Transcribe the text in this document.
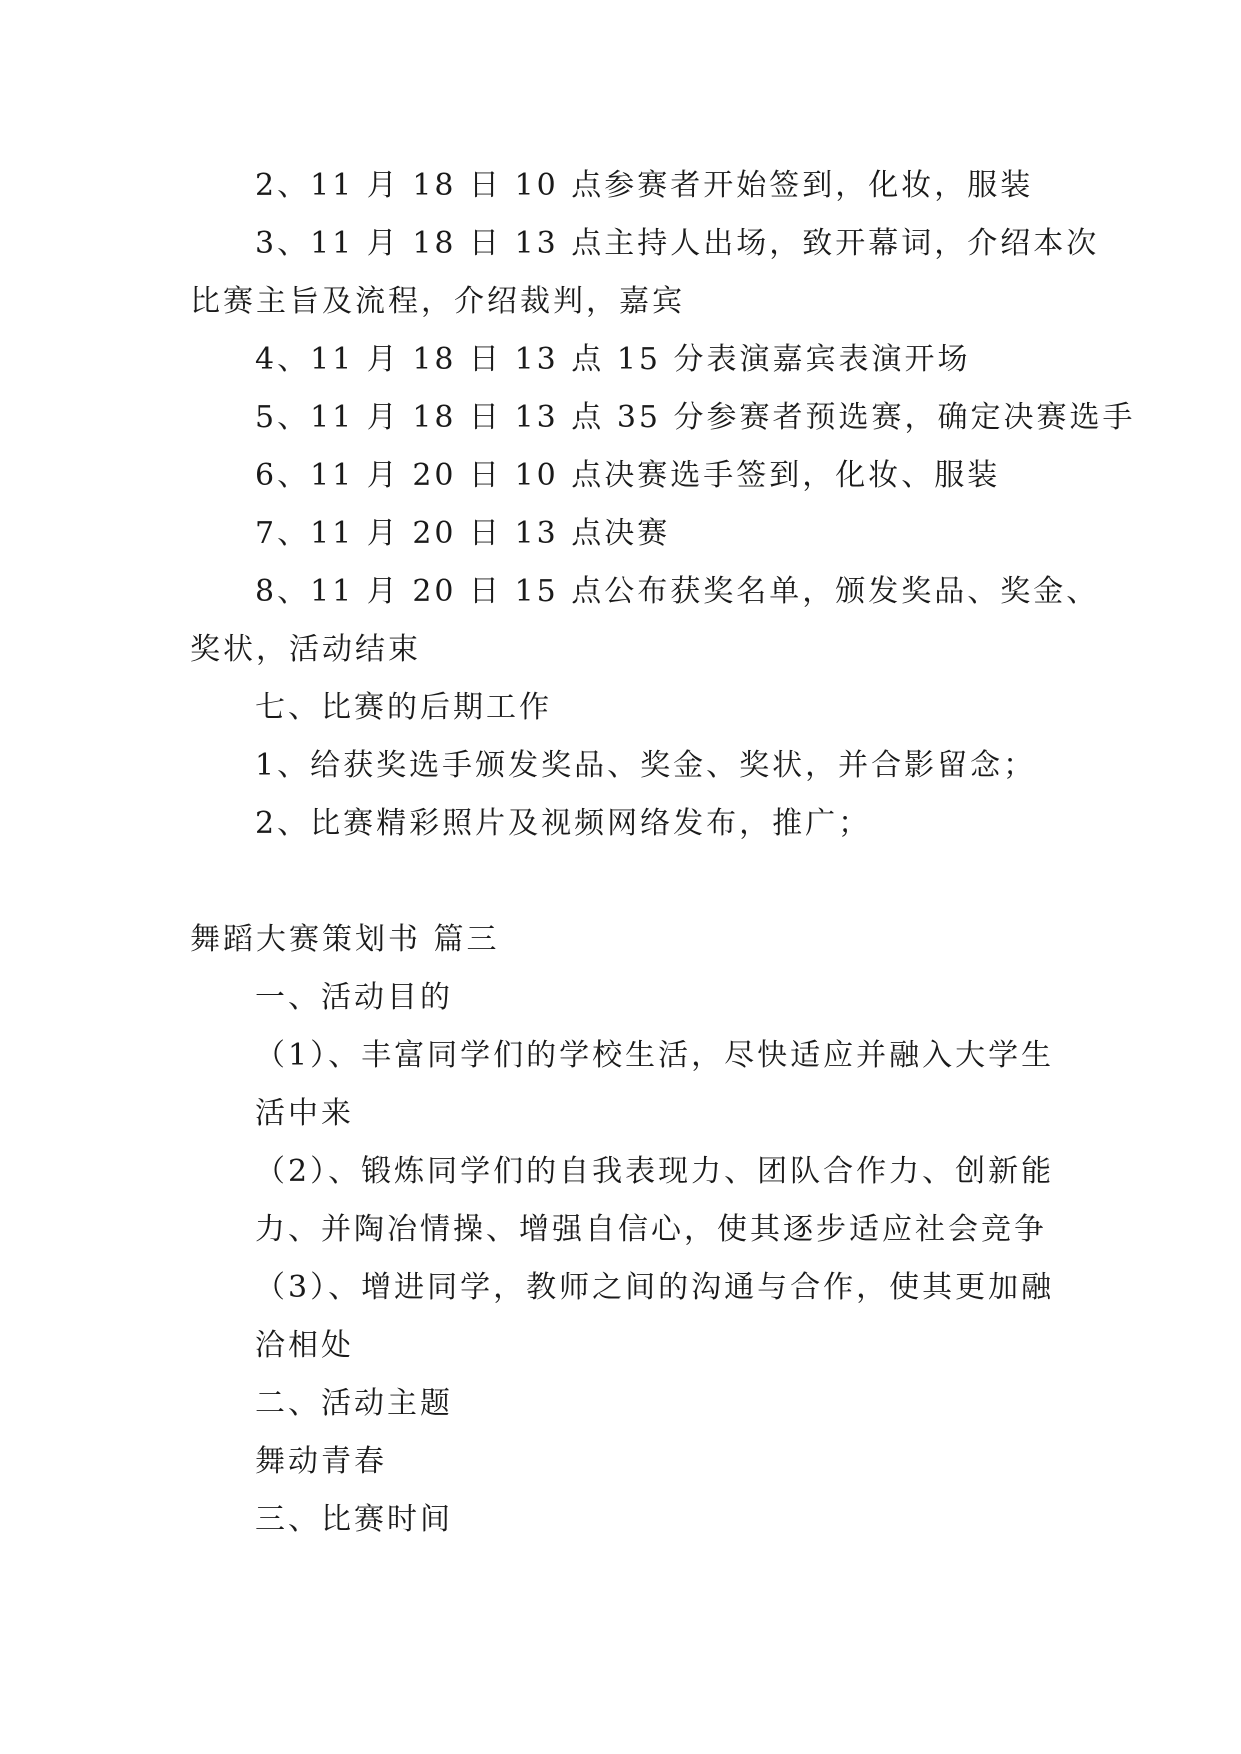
2、11 月 18 日 10 点参赛者开始签到，化妆，服装
3、11 月 18 日 13 点主持人出场，致开幕词，介绍本次
比赛主旨及流程，介绍裁判，嘉宾
4、11 月 18 日 13 点 15 分表演嘉宾表演开场
5、11 月 18 日 13 点 35 分参赛者预选赛，确定决赛选手
6、11 月 20 日 10 点决赛选手签到，化妆、服装
7、11 月 20 日 13 点决赛
8、11 月 20 日 15 点公布获奖名单，颁发奖品、奖金、
奖状，活动结束
七、比赛的后期工作
1、给获奖选手颁发奖品、奖金、奖状，并合影留念；
2、比赛精彩照片及视频网络发布，推广；
舞蹈大赛策划书 篇三
一、活动目的
（1）、丰富同学们的学校生活，尽快适应并融入大学生
活中来
（2）、锻炼同学们的自我表现力、团队合作力、创新能
力、并陶冶情操、增强自信心，使其逐步适应社会竞争
（3）、增进同学，教师之间的沟通与合作，使其更加融
洽相处
二、活动主题
舞动青春
三、比赛时间
